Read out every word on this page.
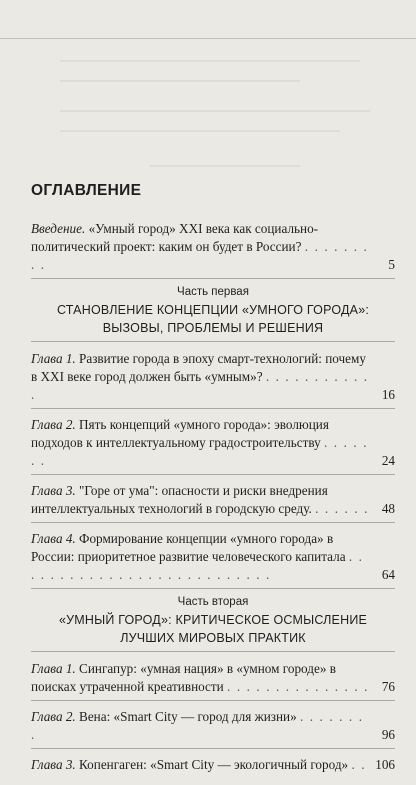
ОГЛАВЛЕНИЕ
Введение. «Умный город» XXI века как социально-политический проект: каким он будет в России? . . . . . . . . .	5
Часть первая
СТАНОВЛЕНИЕ КОНЦЕПЦИИ «УМНОГО ГОРОДА»:
ВЫЗОВЫ, ПРОБЛЕМЫ И РЕШЕНИЯ
Глава 1. Развитие города в эпоху смарт-технологий: почему в XXI веке город должен быть «умным»? . . . . . . . . . . . .	16
Глава 2. Пять концепций «умного города»: эволюция подходов к интеллектуальному градостроительству . . . . . . .	24
Глава 3. "Горе от ума": опасности и риски внедрения интеллектуальных технологий в городскую среду. . . . . . . 48
Глава 4. Формирование концепции «умного города» в России: приоритетное развитие человеческого капитала . . . . . . . . . . . . . . . . . . . . . . . . . . .	64
Часть вторая
«УМНЫЙ ГОРОД»: КРИТИЧЕСКОЕ ОСМЫСЛЕНИЕ
ЛУЧШИХ МИРОВЫХ ПРАКТИК
Глава 1. Сингапур: «умная нация» в «умном городе» в поисках утраченной креативности . . . . . . . . . . . . . . . 76
Глава 2. Вена: «Smart City — город для жизни» . . . . . . . .	96
Глава 3. Копенгаген: «Smart City — экологичный город» . . 106
